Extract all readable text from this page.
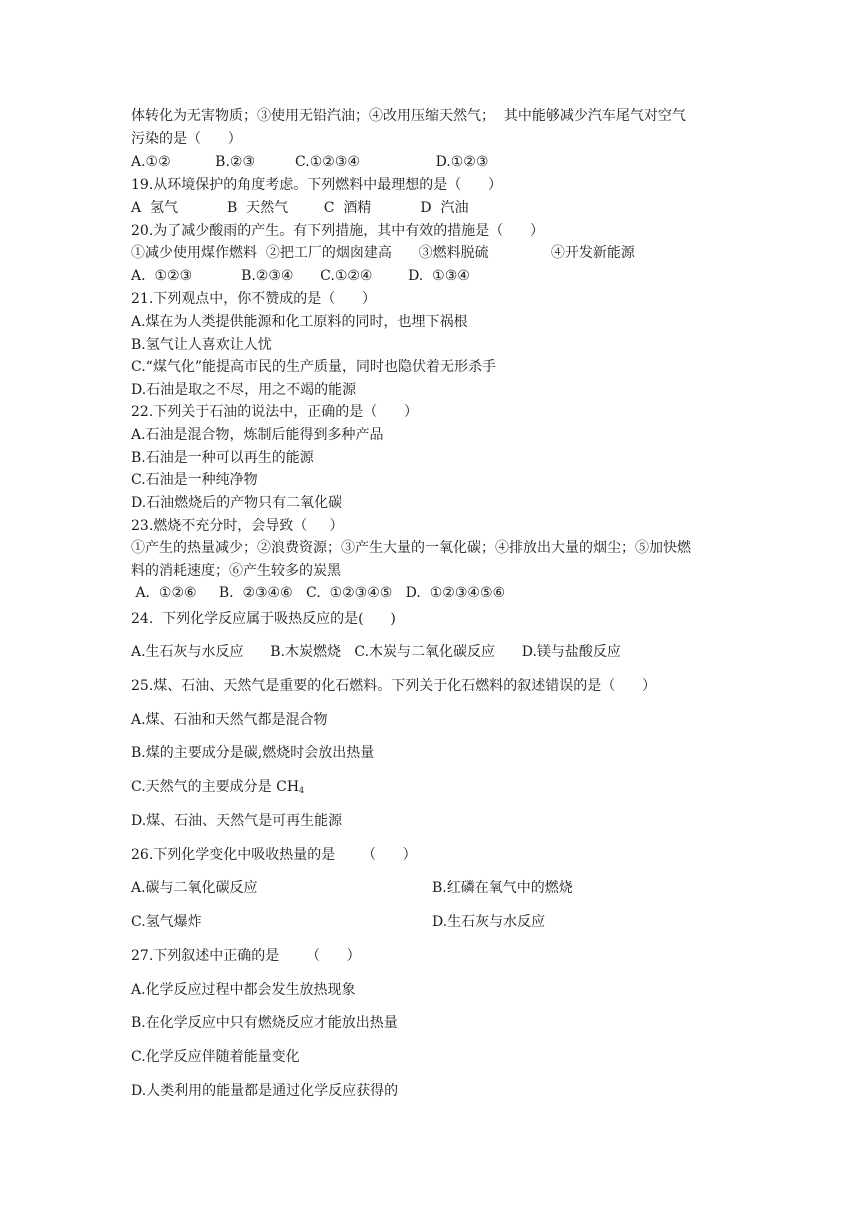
体转化为无害物质；③使用无铅汽油；④改用压缩天然气；  其中能够减少汽车尾气对空气
污染的是（      ）
A.①②          B.②③         C.①②③④                 D.①②③
19.从环境保护的角度考虑。下列燃料中最理想的是（      ）
A  氢气           B  天然气        C  酒精           D  汽油
20.为了减少酸雨的产生。有下列措施，其中有效的措施是（      ）
①减少使用煤作燃料  ②把工厂的烟囱建高      ③燃料脱硫              ④开发新能源
A.  ①②③           B.②③④      C.①②④        D.  ①③④
21.下列观点中，你不赞成的是（      ）
A.煤在为人类提供能源和化工原料的同时，也埋下祸根
B.氢气让人喜欢让人忧
C.“煤气化”能提高市民的生产质量，同时也隐伏着无形杀手
D.石油是取之不尽，用之不竭的能源
22.下列关于石油的说法中，正确的是（      ）
A.石油是混合物，炼制后能得到多种产品
B.石油是一种可以再生的能源
C.石油是一种纯净物
D.石油燃烧后的产物只有二氧化碳
23.燃烧不充分时，会导致（     ）
①产生的热量减少；②浪费资源；③产生大量的一氧化碳；④排放出大量的烟尘；⑤加快燃
料的消耗速度；⑥产生较多的炭黑
A.  ①②⑥     B.  ②③④⑥   C.  ①②③④⑤   D.  ①②③④⑤⑥
24.  下列化学反应属于吸热反应的是(      )
A.生石灰与水反应      B.木炭燃烧   C.木炭与二氧化碳反应      D.镁与盐酸反应
25.煤、石油、天然气是重要的化石燃料。下列关于化石燃料的叙述错误的是（      ）
A.煤、石油和天然气都是混合物
B.煤的主要成分是碳,燃烧时会放出热量
C.天然气的主要成分是 $CH_4$
D.煤、石油、天然气是可再生能源
26.下列化学变化中吸收热量的是      （      ）
A.碳与二氧化碳反应	B.红磷在氧气中的燃烧
C.氢气爆炸	D.生石灰与水反应
27.下列叙述中正确的是      （      ）
A.化学反应过程中都会发生放热现象
B.在化学反应中只有燃烧反应才能放出热量
C.化学反应伴随着能量变化
D.人类利用的能量都是通过化学反应获得的
